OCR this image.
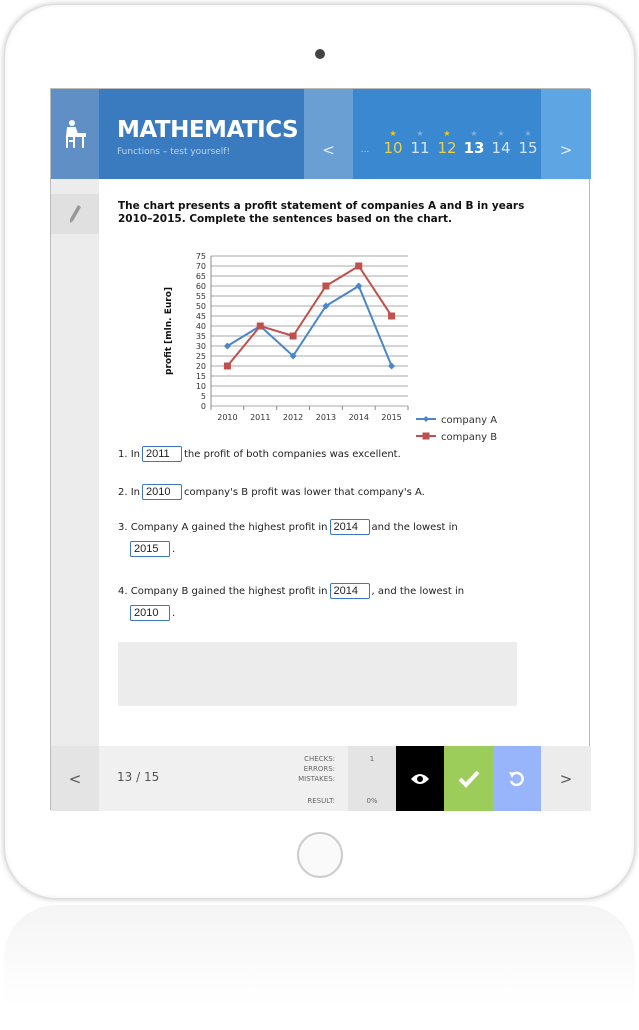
MATHEMATICS
Functions – test yourself!	<	...
★
10
★
11
★
12
★
13
★
14
★
15	>
The chart presents a profit statement of companies A and B in years 2010–2015. Complete the sentences based on the chart.
0
5
10
15
20
25
30
35
40
45
50
55
60
65
70
75
2010 2011 2012 2013 2014 2015
profit [mln. Euro]
company A
company B
1. In 2011 the profit of both companies was excellent.
2. In 2010 company's B profit was lower that company's A.
3. Company A gained the highest profit in 2014 and the lowest in
2015 .
4. Company B gained the highest profit in 2014 , and the lowest in
2010 .
<	13 / 15
CHECKS:
ERRORS:
MISTAKES:
RESULT:
1
0%
>
